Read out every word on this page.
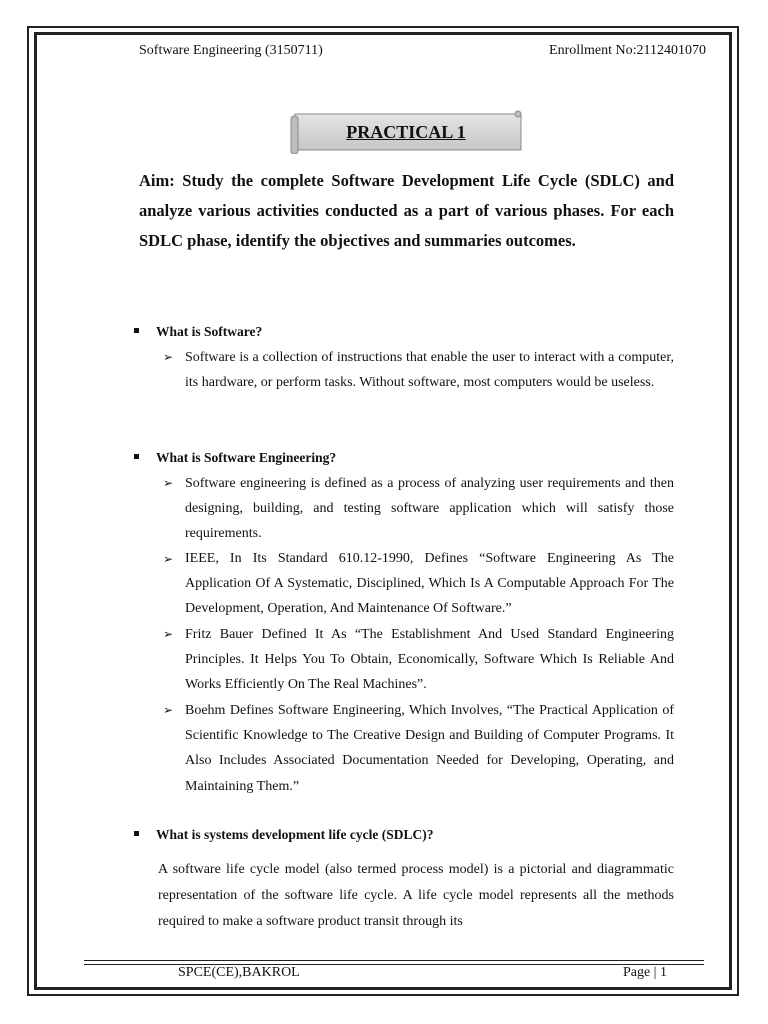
Software Engineering (3150711)	Enrollment No:2112401070
PRACTICAL 1
Aim: Study the complete Software Development Life Cycle (SDLC) and analyze various activities conducted as a part of various phases. For each SDLC phase, identify the objectives and summaries outcomes.
What is Software?
➢ Software is a collection of instructions that enable the user to interact with a computer, its hardware, or perform tasks. Without software, most computers would be useless.
What is Software Engineering?
➢ Software engineering is defined as a process of analyzing user requirements and then designing, building, and testing software application which will satisfy those requirements.
➢ IEEE, In Its Standard 610.12-1990, Defines “Software Engineering As The Application Of A Systematic, Disciplined, Which Is A Computable Approach For The Development, Operation, And Maintenance Of Software.”
➢ Fritz Bauer Defined It As “The Establishment And Used Standard Engineering Principles. It Helps You To Obtain, Economically, Software Which Is Reliable And Works Efficiently On The Real Machines”.
➢ Boehm Defines Software Engineering, Which Involves, “The Practical Application of Scientific Knowledge to The Creative Design and Building of Computer Programs. It Also Includes Associated Documentation Needed for Developing, Operating, and Maintaining Them.”
What is systems development life cycle (SDLC)?
A software life cycle model (also termed process model) is a pictorial and diagrammatic representation of the software life cycle. A life cycle model represents all the methods required to make a software product transit through its
SPCE(CE),BAKROL	Page | 1
